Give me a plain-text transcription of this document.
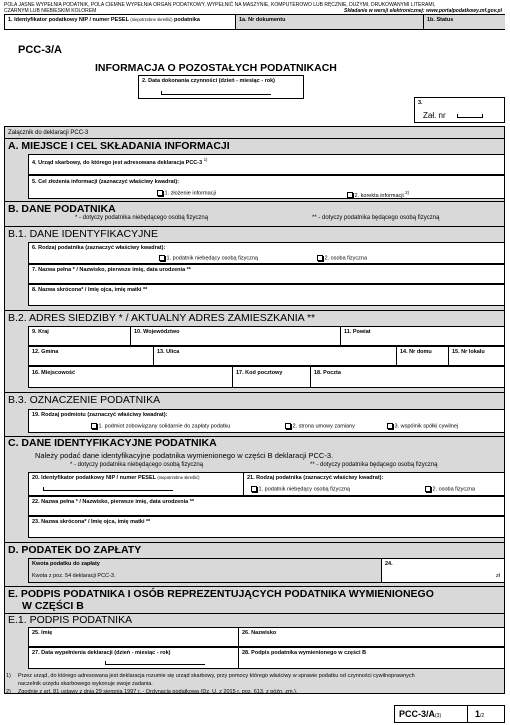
POLA JASNE WYPEŁNIA PODATNIK, POLA CIEMNE WYPEŁNIA ORGAN PODATKOWY. WYPEŁNIĆ NA MASZYNIE, KOMPUTEROWO LUB RĘCZNIE, DUŻYMI, DRUKOWANYMI LITERAMI,
CZARNYM LUB NIEBIESKIM KOLOREM	Składanie w wersji elektronicznej: www.portalpodatkowy.mf.gov.pl
1. Identyfikator podatkowy NIP / numer PESEL (niepotrzebne skreślić) podatnika	1a. Nr dokumentu	1b. Status
PCC-3/A
INFORMACJA O POZOSTAŁYCH PODATNIKACH
2. Data dokonania czynności (dzień - miesiąc - rok)
3.
Zał. nr
Załącznik do deklaracji PCC-3
A. MIEJSCE I CEL SKŁADANIA INFORMACJI
4. Urząd skarbowy, do którego jest adresowana deklaracja PCC-3 $^{1)}$
5. Cel złożenia informacji (zaznaczyć właściwy kwadrat):
1. złożenie informacji	2. korekta informacji $^{2)}$
B. DANE PODATNIKA
* - dotyczy podatnika niebędącego osobą fizyczną	** - dotyczy podatnika będącego osobą fizyczną
B.1. DANE IDENTYFIKACYJNE
6. Rodzaj podatnika (zaznaczyć właściwy kwadrat):
1. podatnik niebędący osobą fizyczną	2. osoba fizyczna
7. Nazwa pełna * / Nazwisko, pierwsze imię, data urodzenia **
8. Nazwa skrócona* / Imię ojca, imię matki **
B.2. ADRES SIEDZIBY * / AKTUALNY ADRES ZAMIESZKANIA **
9. Kraj	10. Województwo	11. Powiat
12. Gmina	13. Ulica	14. Nr domu	15. Nr lokalu
16. Miejscowość	17. Kod pocztowy	18. Poczta
B.3. OZNACZENIE PODATNIKA
19. Rodzaj podmiotu (zaznaczyć właściwy kwadrat):
1. podmiot zobowiązany solidarnie do zapłaty podatku	2. strona umowy zamiany	3. wspólnik spółki cywilnej
C. DANE IDENTYFIKACYJNE PODATNIKA
Należy podać dane identyfikacyjne podatnika wymienionego w części B deklaracji PCC-3.
* - dotyczy podatnika niebędącego osobą fizyczną	** - dotyczy podatnika będącego osobą fizyczną
20. Identyfikator podatkowy NIP / numer PESEL (niepotrzebne skreślić)	21. Rodzaj podatnika (zaznaczyć właściwy kwadrat):
1. podatnik niebędący osobą fizyczną	2. osoba fizyczna
22. Nazwa pełna * / Nazwisko, pierwsze imię, data urodzenia **
23. Nazwa skrócona* / Imię ojca, imię matki **
D. PODATEK DO ZAPŁATY
Kwota podatku do zapłaty
Kwota z poz. 54 deklaracji PCC-3.
24.
zł
E. PODPIS PODATNIKA I OSÓB REPREZENTUJĄCYCH PODATNIKA WYMIENIONEGO
W CZĘŚCI B
E.1. PODPIS PODATNIKA
25. Imię	26. Nazwisko
27. Data wypełnienia deklaracji (dzień - miesiąc - rok)	28. Podpis podatnika wymienionego w części B
1) Przez urząd, do którego adresowana jest deklaracja rozumie się urząd skarbowy, przy pomocy którego właściwy w sprawie podatku od czynności cywilnoprawnych
naczelnik urzędu skarbowego wykonuje swoje zadania.
2) Zgodnie z art. 81 ustawy z dnia 29 sierpnia 1997 r. - Ordynacja podatkowa (Dz. U. z 2015 r. poz. 613, z późn. zm.).
PCC-3/A(3)	1/2
